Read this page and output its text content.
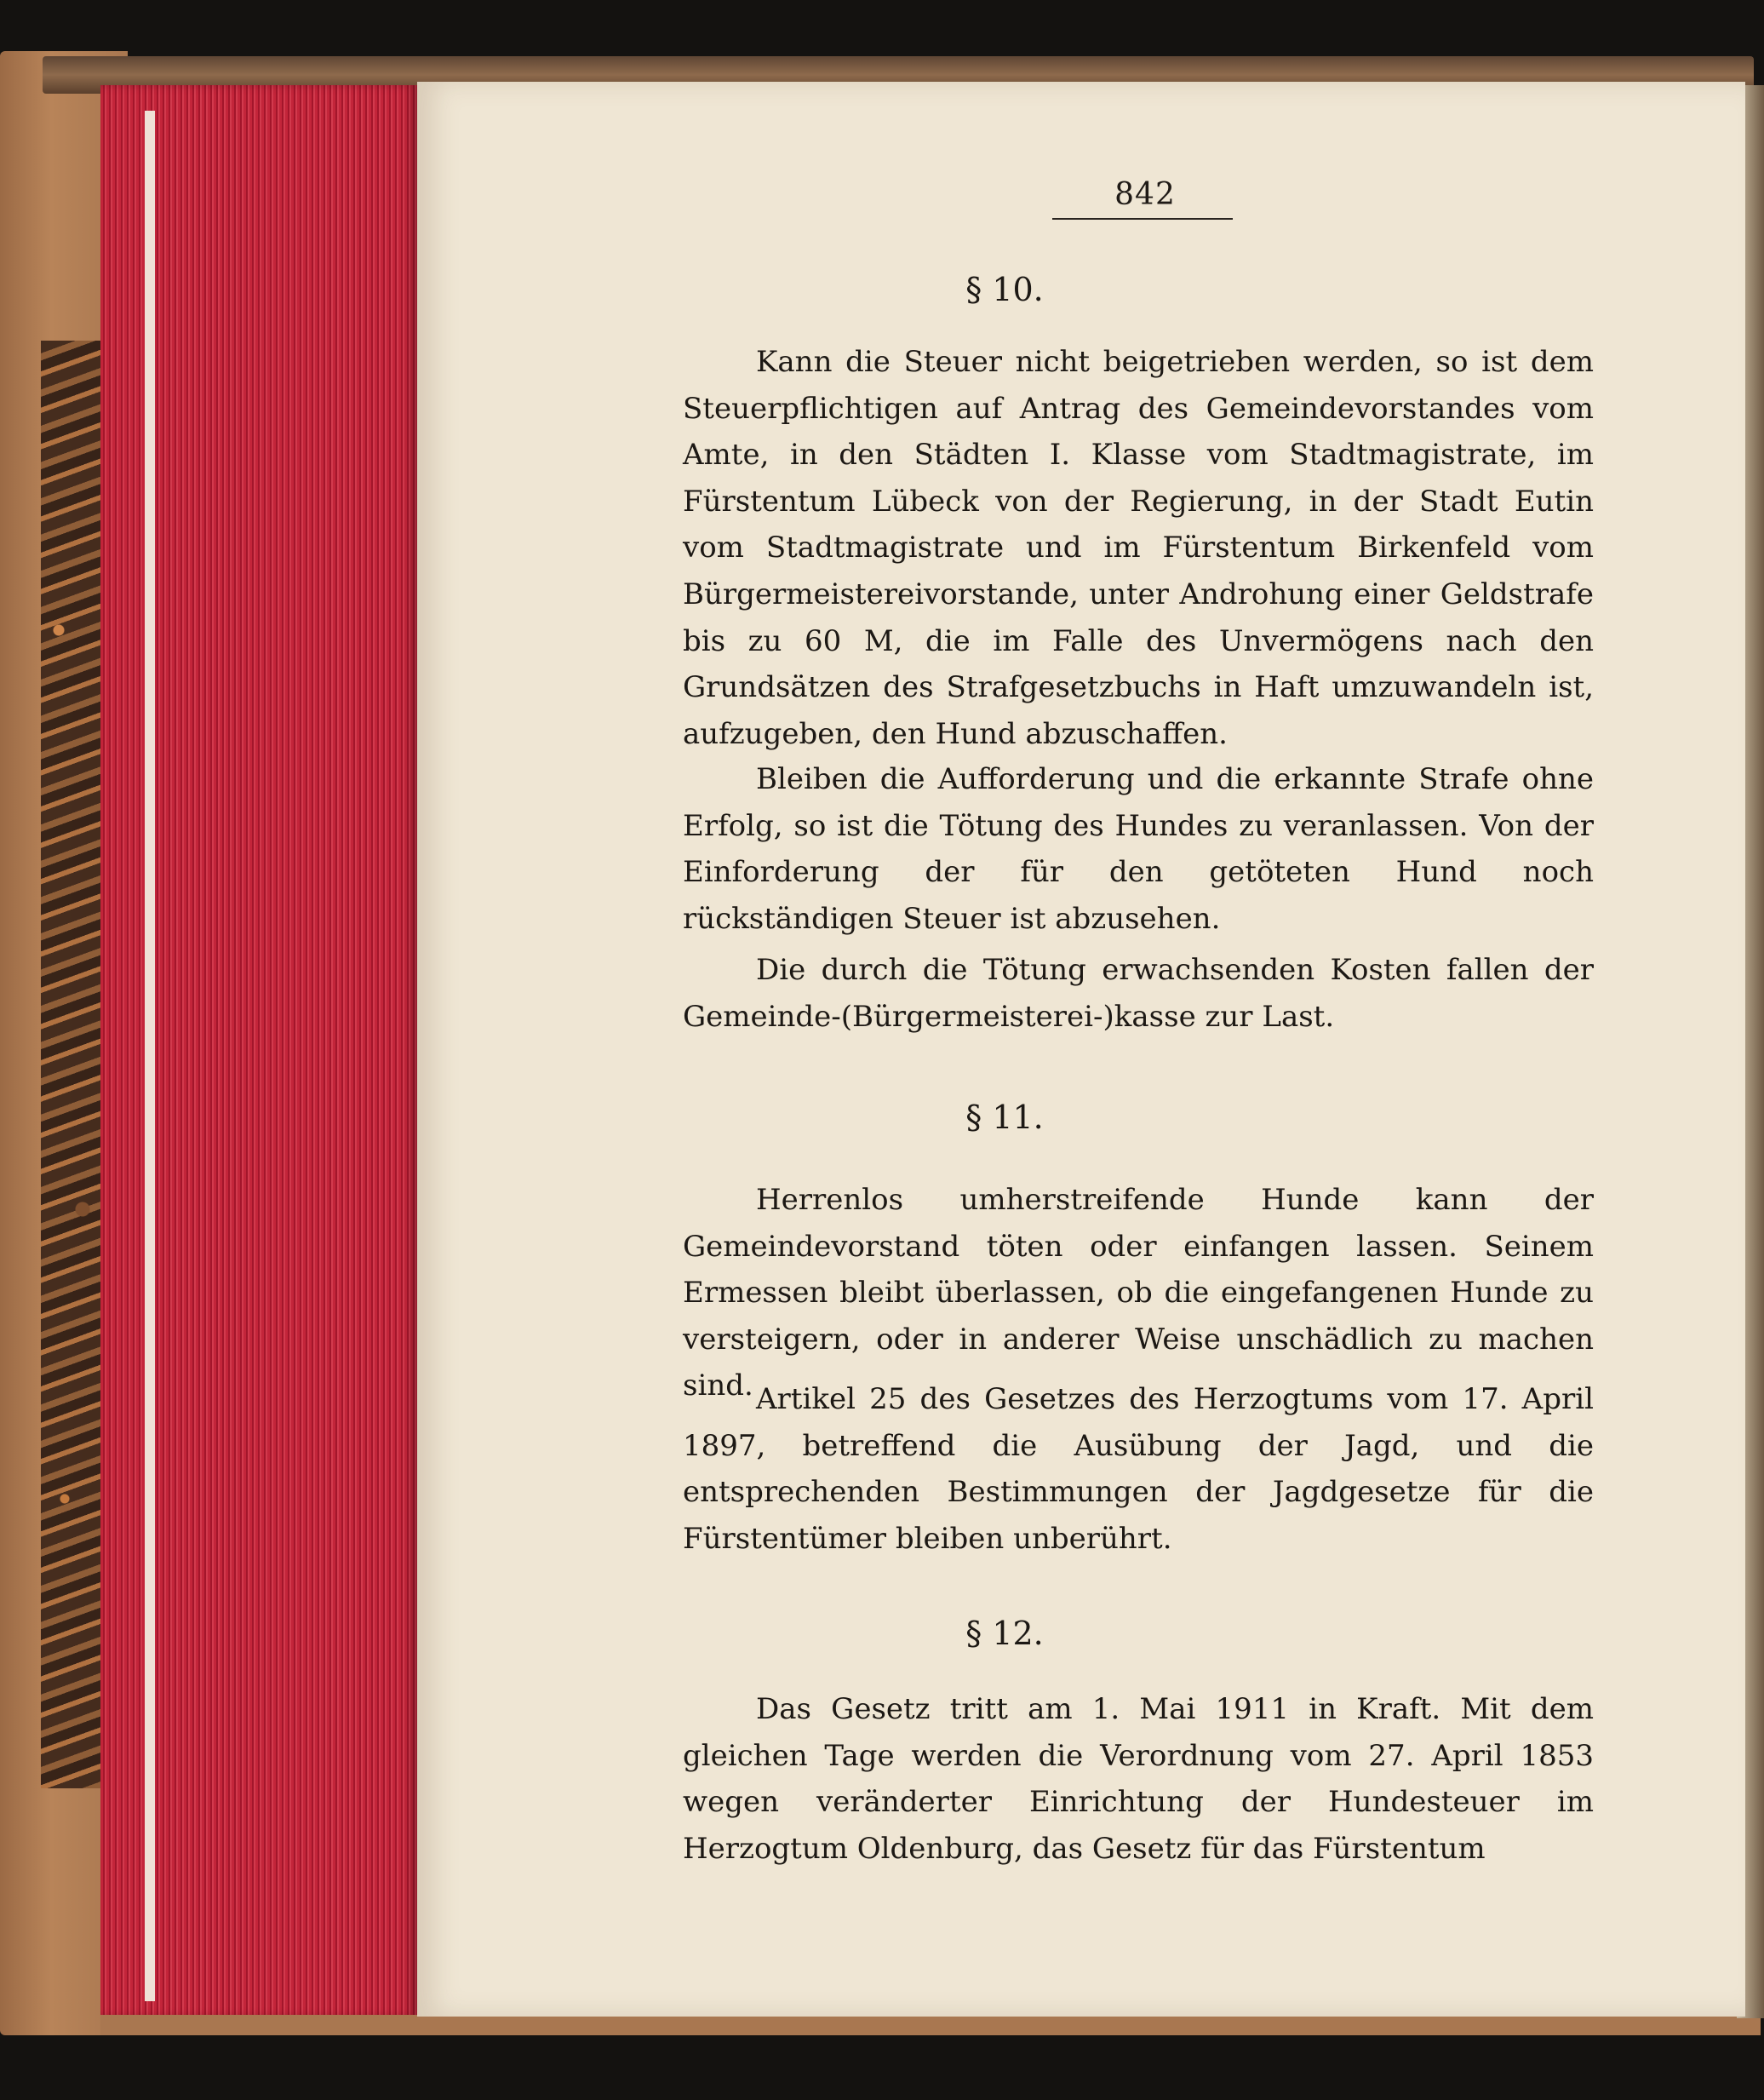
842
§ 10.

Kann die Steuer nicht beigetrieben werden, so ist dem Steuerpflichtigen auf Antrag des Gemeindevorstandes vom Amte, in den Städten I. Klasse vom Stadtmagistrate, im Fürstentum Lübeck von der Regierung, in der Stadt Eutin vom Stadtmagistrate und im Fürstentum Birkenfeld vom Bürgermeistereivorstande, unter Androhung einer Geldstrafe bis zu 60 M, die im Falle des Unvermögens nach den Grundsätzen des Strafgesetzbuchs in Haft umzuwandeln ist, aufzugeben, den Hund abzuschaffen.

Bleiben die Aufforderung und die erkannte Strafe ohne Erfolg, so ist die Tötung des Hundes zu veranlassen. Von der Einforderung der für den getöteten Hund noch rückständigen Steuer ist abzusehen.

Die durch die Tötung erwachsenden Kosten fallen der Gemeinde-(Bürgermeisterei-)kasse zur Last.

§ 11.

Herrenlos umherstreifende Hunde kann der Gemeindevorstand töten oder einfangen lassen. Seinem Ermessen bleibt überlassen, ob die eingefangenen Hunde zu versteigern, oder in anderer Weise unschädlich zu machen sind. Artikel 25 des Gesetzes des Herzogtums vom 17. April 1897, betreffend die Ausübung der Jagd, und die entsprechenden Bestimmungen der Jagdgesetze für die Fürstentümer bleiben unberührt.

§ 12.

Das Gesetz tritt am 1. Mai 1911 in Kraft. Mit dem gleichen Tage werden die Verordnung vom 27. April 1853 wegen veränderter Einrichtung der Hundesteuer im Herzogtum Oldenburg, das Gesetz für das Fürstentum
